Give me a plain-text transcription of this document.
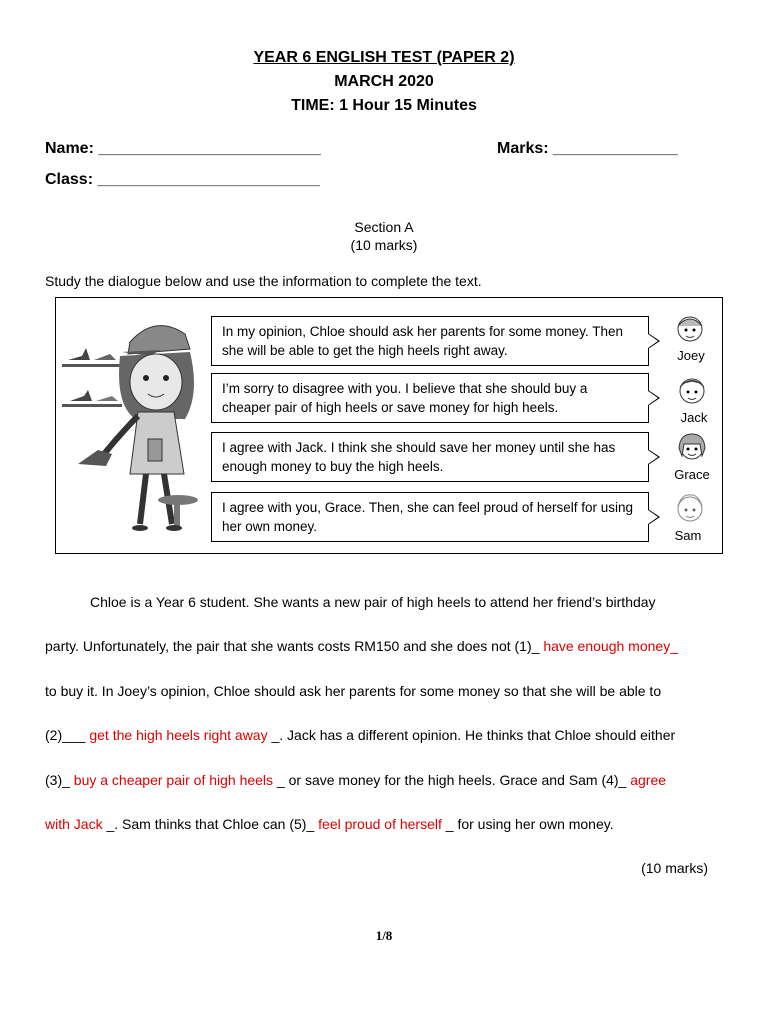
YEAR 6 ENGLISH TEST (PAPER 2)
MARCH 2020
TIME: 1 Hour 15 Minutes
Name: _________________________	Marks: ______________
Class: _________________________
Section A
(10 marks)
Study the dialogue below and use the information to complete the text.
In my opinion, Chloe should ask her parents for some money. Then she will be able to get the high heels right away.
I’m sorry to disagree with you. I believe that she should buy a cheaper pair of high heels or save money for high heels.
I agree with Jack. I think she should save her money until she has enough money to buy the high heels.
I agree with you, Grace. Then, she can feel proud of herself for using her own money.
Joey
Jack
Grace
Sam
Chloe is a Year 6 student. She wants a new pair of high heels to attend her friend’s birthday
party. Unfortunately, the pair that she wants costs RM150 and she does not (1)_ have enough money_
to buy it. In Joey’s opinion, Chloe should ask her parents for some money so that she will be able to
(2)___ get the high heels right away _. Jack has a different opinion. He thinks that Chloe should either
(3)_ buy a cheaper pair of high heels _ or save money for the high heels. Grace and Sam (4)_ agree
with Jack _. Sam thinks that Chloe can (5)_ feel proud of herself _ for using her own money.
(10 marks)
1/8
